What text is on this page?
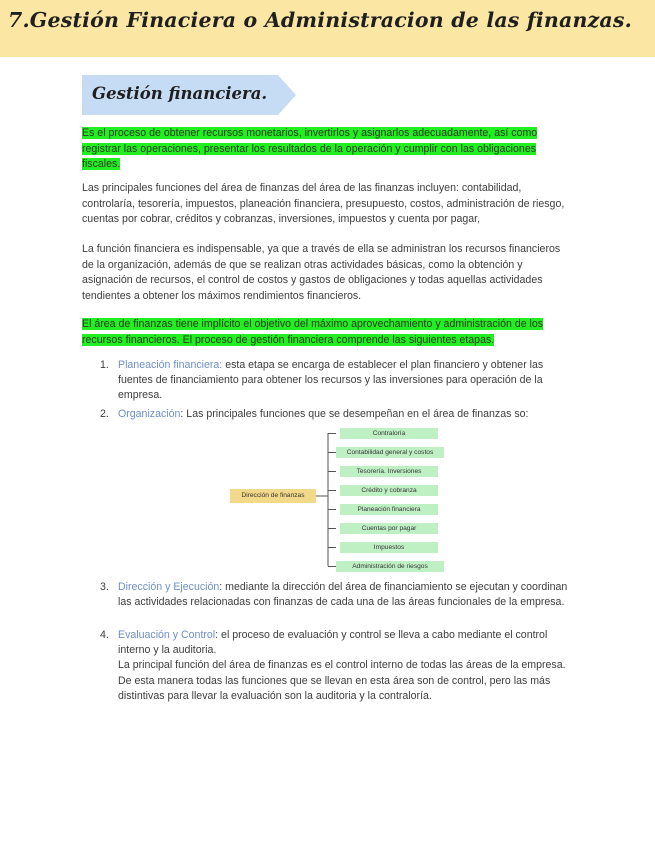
7.Gestión Finaciera o Administracion de las finanzas.
Gestión financiera.
Es el proceso de obtener recursos monetarios, invertirlos y asignarlos adecuadamente, así como registrar las operaciones, presentar los resultados de la operación y cumplir con las obligaciones fiscales.
Las principales funciones del área de finanzas del área de las finanzas incluyen: contabilidad, controlaría, tesorería, impuestos, planeación financiera, presupuesto, costos, administración de riesgo, cuentas por cobrar, créditos y cobranzas, inversiones, impuestos y cuenta por pagar,
La función financiera es indispensable, ya que a través de ella se administran los recursos financieros de la organización, además de que se realizan otras actividades básicas, como la obtención y asignación de recursos, el control de costos y gastos de obligaciones y todas aquellas actividades tendientes a obtener los máximos rendimientos financieros.
El área de finanzas tiene implícito el objetivo del máximo aprovechamiento y administración de los recursos financieros. El proceso de gestión financiera comprende las siguientes etapas.
1. Planeación financiera: esta etapa se encarga de establecer el plan financiero y obtener las fuentes de financiamiento para obtener los recursos y las inversiones para operación de la empresa.
2. Organización: Las principales funciones que se desempeñan en el área de finanzas so:
Dirección de finanzas
Contraloría
Contabilidad general y costos
Tesorería. Inversiones
Crédito y cobranza
Planeación financiera
Cuentas por pagar
Impuestos
Administración de riesgos
3. Dirección y Ejecución: mediante la dirección del área de financiamiento se ejecutan y coordinan las actividades relacionadas con finanzas de cada una de las áreas funcionales de la empresa.
4. Evaluación y Control: el proceso de evaluación y control se lleva a cabo mediante el control interno y la auditoria.
La principal función del área de finanzas es el control interno de todas las áreas de la empresa. De esta manera todas las funciones que se llevan en esta área son de control, pero las más distintivas para llevar la evaluación son la auditoria y la contraloría.
